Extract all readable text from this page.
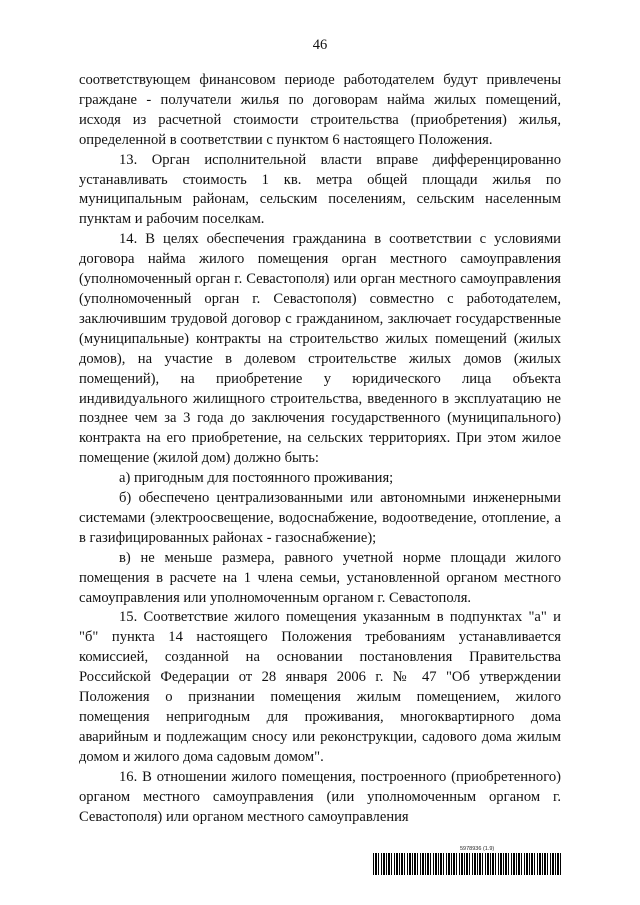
46

соответствующем финансовом периоде работодателем будут привлечены граждане - получатели жилья по договорам найма жилых помещений, исходя из расчетной стоимости строительства (приобретения) жилья, определенной в соответствии с пунктом 6 настоящего Положения.

13. Орган исполнительной власти вправе дифференцированно устанавливать стоимость 1 кв. метра общей площади жилья по муниципальным районам, сельским поселениям, сельским населенным пунктам и рабочим поселкам.

14. В целях обеспечения гражданина в соответствии с условиями договора найма жилого помещения орган местного самоуправления (уполномоченный орган г. Севастополя) или орган местного самоуправления (уполномоченный орган г. Севастополя) совместно с работодателем, заключившим трудовой договор с гражданином, заключает государственные (муниципальные) контракты на строительство жилых помещений (жилых домов), на участие в долевом строительстве жилых домов (жилых помещений), на приобретение у юридического лица объекта индивидуального жилищного строительства, введенного в эксплуатацию не позднее чем за 3 года до заключения государственного (муниципального) контракта на его приобретение, на сельских территориях. При этом жилое помещение (жилой дом) должно быть:

а) пригодным для постоянного проживания;

б) обеспечено централизованными или автономными инженерными системами (электроосвещение, водоснабжение, водоотведение, отопление, а в газифицированных районах - газоснабжение);

в) не меньше размера, равного учетной норме площади жилого помещения в расчете на 1 члена семьи, установленной органом местного самоуправления или уполномоченным органом г. Севастополя.

15. Соответствие жилого помещения указанным в подпунктах "а" и "б" пункта 14 настоящего Положения требованиям устанавливается комиссией, созданной на основании постановления Правительства Российской Федерации от 28 января 2006 г. № 47 "Об утверждении Положения о признании помещения жилым помещением, жилого помещения непригодным для проживания, многоквартирного дома аварийным и подлежащим сносу или реконструкции, садового дома жилым домом и жилого дома садовым домом".

16. В отношении жилого помещения, построенного (приобретенного) органом местного самоуправления (или уполномоченным органом г. Севастополя) или органом местного самоуправления

5978936 (1.9)
